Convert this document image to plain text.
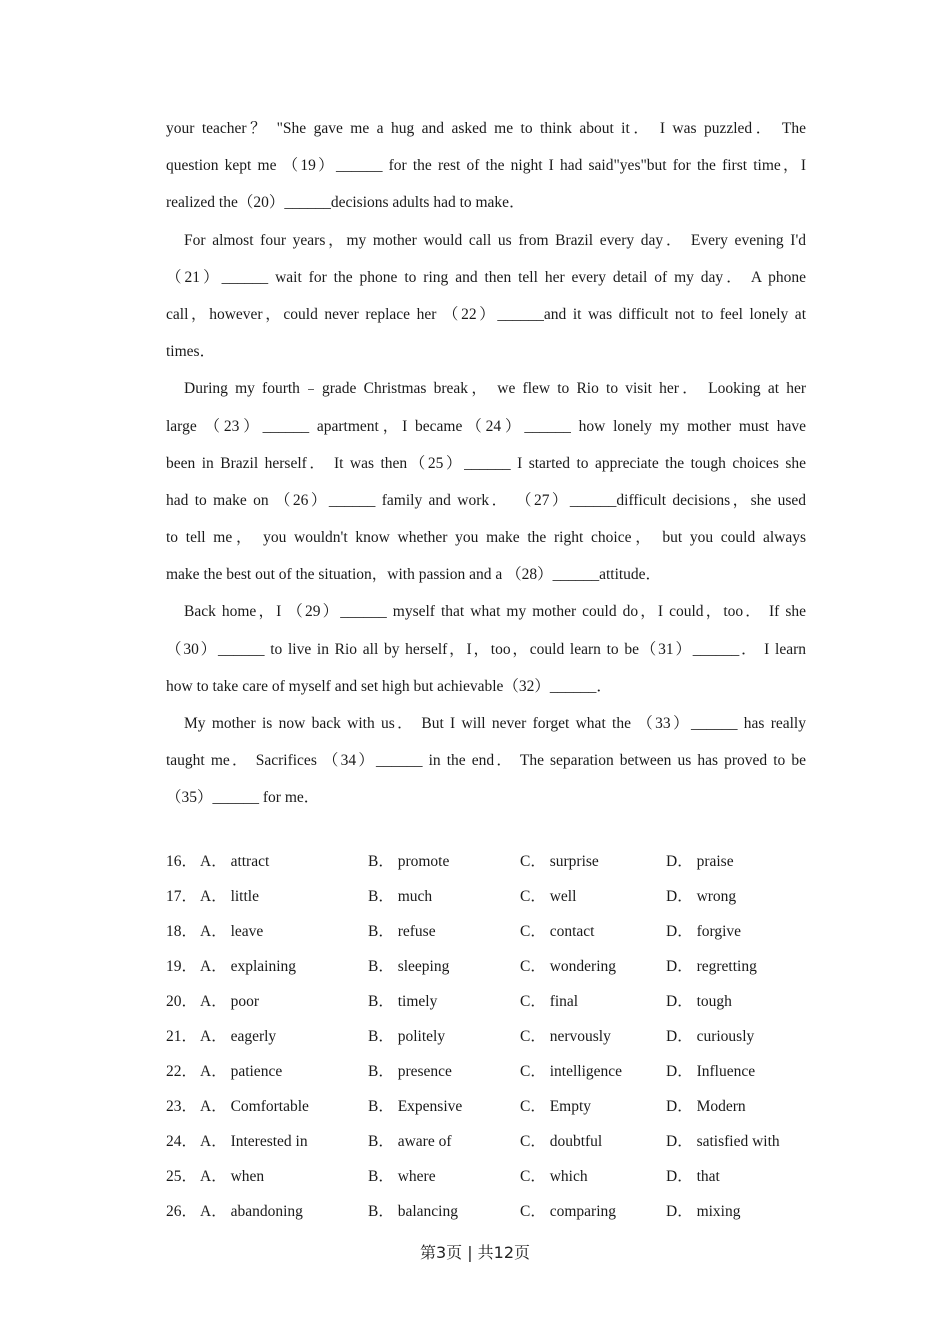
your teacher？ "She gave me a hug and asked me to think about it． I was puzzled． The
question kept me （19）______ for the rest of the night I had said"yes"but for the first time，I
realized the（20）______decisions adults had to make．
For almost four years，my mother would call us from Brazil every day． Every evening I'd
（21）______ wait for the phone to ring and then tell her every detail of my day． A phone
call，however，could never replace her （22）______and it was difficult not to feel lonely at
times．
During my fourth﹣grade Christmas break， we flew to Rio to visit her． Looking at her
large （23）______ apartment，I became（24）______ how lonely my mother must have
been in Brazil herself． It was then（25）______ I started to appreciate the tough choices she
had to make on （26）______ family and work． （27）______difficult decisions，she used
to tell me， you wouldn't know whether you make the right choice， but you could always
make the best out of the situation，with passion and a （28）______attitude．
Back home，I （29）______ myself that what my mother could do，I could，too． If she
（30）______ to live in Rio all by herself，I，too，could learn to be（31）______． I learn
how to take care of myself and set high but achievable（32）______．
My mother is now back with us． But I will never forget what the （33）______ has really
taught me． Sacrifices （34）______ in the end． The separation between us has proved to be
（35）______ for me．
16． A． attract	B． promote	C． surprise	D． praise
17． A． little	B． much	C． well	D． wrong
18． A． leave	B． refuse	C． contact	D． forgive
19． A． explaining	B． sleeping	C． wondering	D． regretting
20． A． poor	B． timely	C． final	D． tough
21． A． eagerly	B． politely	C． nervously	D． curiously
22． A． patience	B． presence	C． intelligence	D． Influence
23． A． Comfortable	B． Expensive	C． Empty	D． Modern
24． A． Interested in	B． aware of	C． doubtful	D． satisfied with
25． A． when	B． where	C． which	D． that
26． A． abandoning	B． balancing	C． comparing	D． mixing
第3页 | 共12页
